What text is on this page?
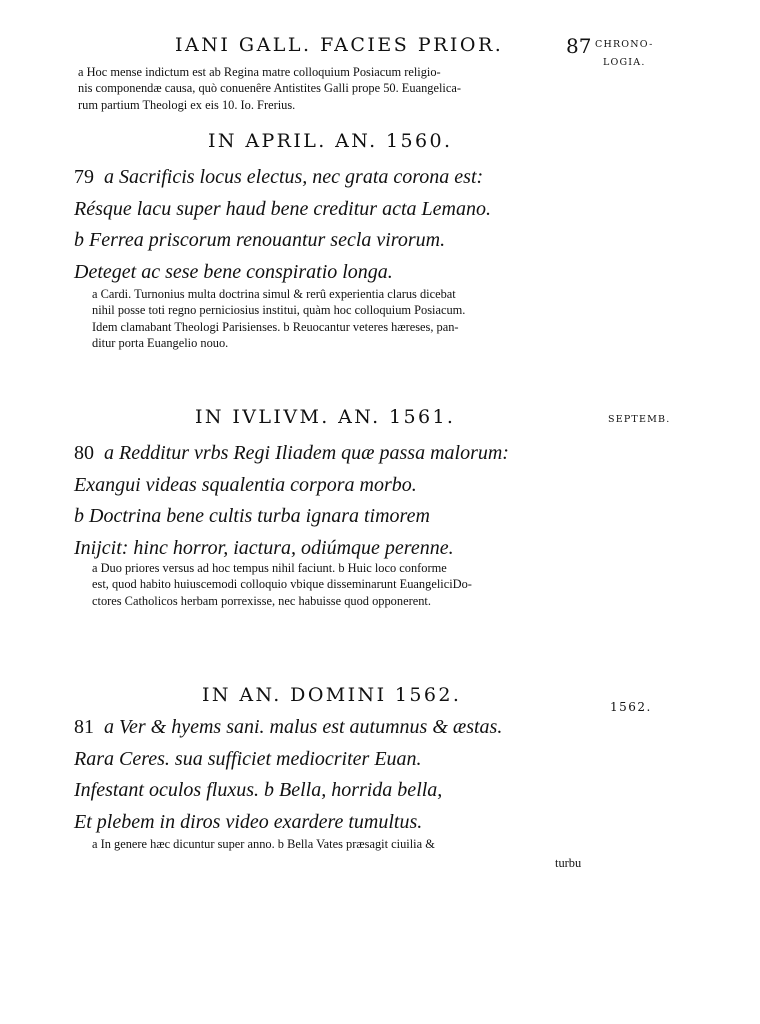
IANI GALL. FACIES PRIOR.	87 CHRONO-
LOGIA.
a Hoc mense indictum est ab Regina matre colloquium Posiacum religio-
nis componendæ causa, quò conuenêre Antistites Galli prope 50. Euangelica-
rum partium Theologi ex eis 10. Io. Frerius.
IN APRIL. AN. 1560.
79 a Sacrificis locus electus, nec grata corona est:
Résque lacu super haud bene creditur acta Lemano.
b Ferrea priscorum renouantur secla virorum.
Deteget ac sese bene conspiratio longa.
a Cardi. Turnonius multa doctrina simul & rerû experientia clarus dicebat
nihil posse toti regno perniciosius institui, quàm hoc colloquium Posiacum.
Idem clamabant Theologi Parisienses. b Reuocantur veteres hæreses, pan-
ditur porta Euangelio nouo.
IN IVLIVM. AN. 1561.	SEPTEMB.
80 a Redditur vrbs Regi Iliadem quæ passa malorum:
Exangui videas squalentia corpora morbo.
b Doctrina bene cultis turba ignara timorem
Inijcit: hinc horror, iactura, odiúmque perenne.
a Duo priores versus ad hoc tempus nihil faciunt. b Huic loco conforme
est, quod habito huiuscemodi colloquio vbique disseminarunt EuangeliciDo-
ctores Catholicos herbam porrexisse, nec habuisse quod opponerent.
IN AN. DOMINI 1562.
1562.
81 a Ver & hyems sani. malus est autumnus & æstas.
Rara Ceres. sua sufficiet mediocriter Euan.
Infestant oculos fluxus. b Bella, horrida bella,
Et plebem in diros video exardere tumultus.
a In genere hæc dicuntur super anno. b Bella Vates præsagit ciuilia &
turbu
